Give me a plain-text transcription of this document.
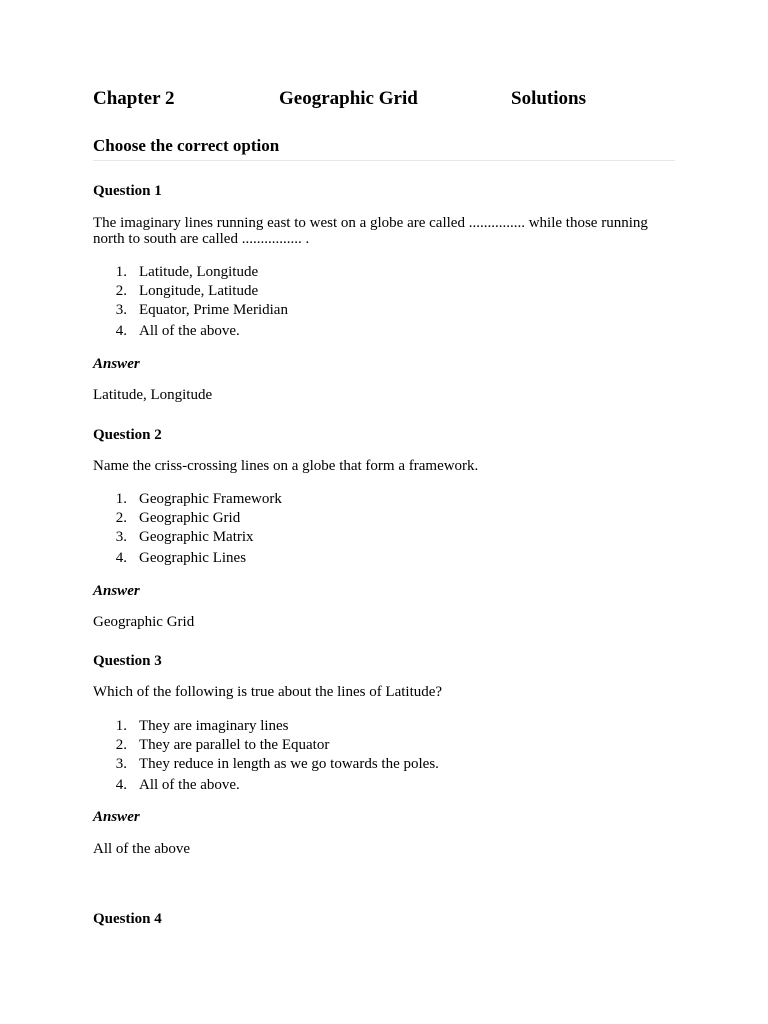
Chapter 2	Geographic Grid	Solutions
Choose the correct option
Question 1
The imaginary lines running east to west on a globe are called ............... while those running north to south are called ................ .
1. Latitude, Longitude
2. Longitude, Latitude
3. Equator, Prime Meridian
4. All of the above.
Answer
Latitude, Longitude
Question 2
Name the criss-crossing lines on a globe that form a framework.
1. Geographic Framework
2. Geographic Grid
3. Geographic Matrix
4. Geographic Lines
Answer
Geographic Grid
Question 3
Which of the following is true about the lines of Latitude?
1. They are imaginary lines
2. They are parallel to the Equator
3. They reduce in length as we go towards the poles.
4. All of the above.
Answer
All of the above
Question 4
